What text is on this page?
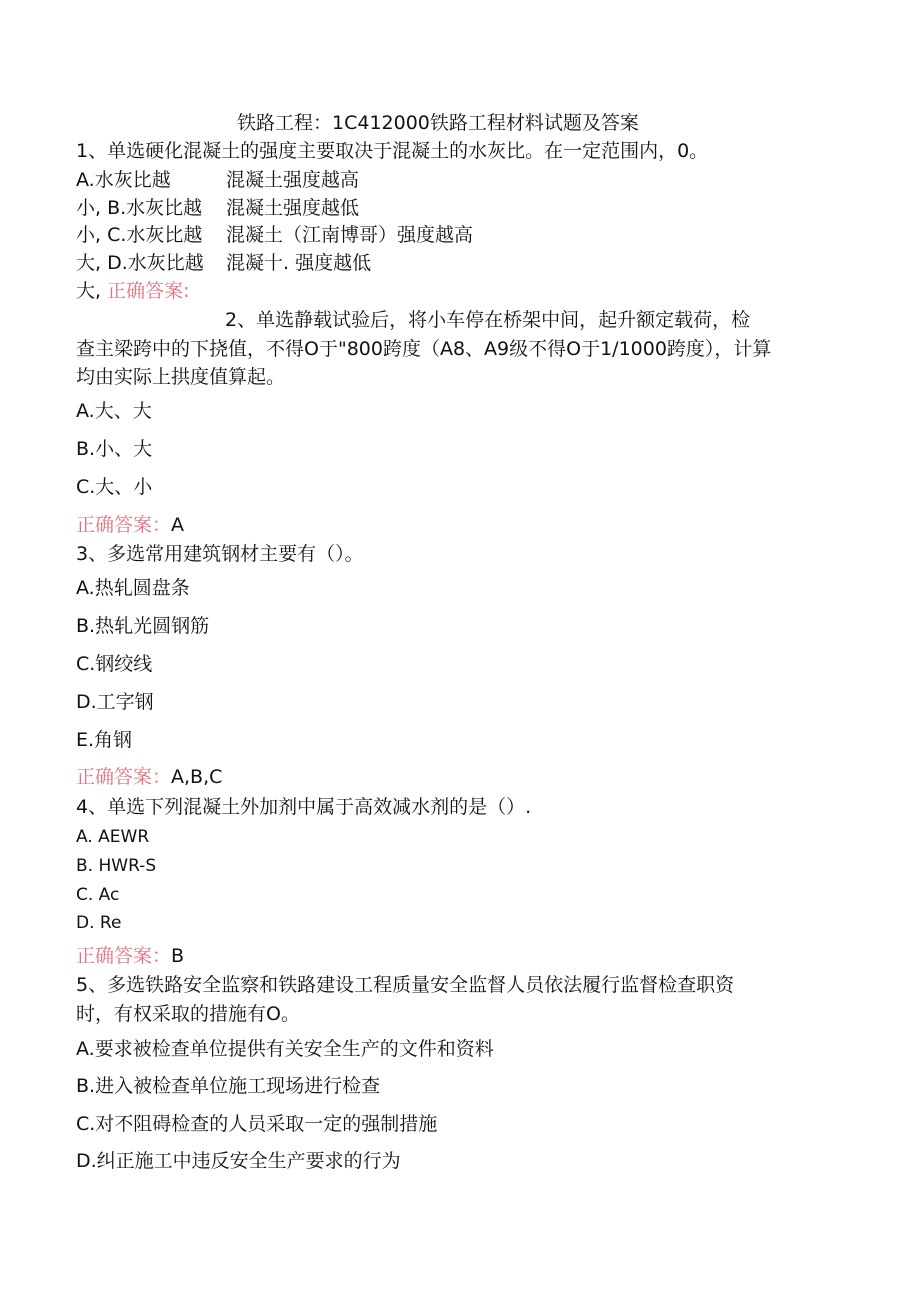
铁路工程：1C412000铁路工程材料试题及答案
1、单选硬化混凝土的强度主要取决于混凝土的水灰比。在一定范围内，0。
A.水灰比越	混凝土强度越高
小, B.水灰比越 混凝土强度越低
小, C.水灰比越 混凝土（江南博哥）强度越高
大, D.水灰比越 混凝十. 强度越低
大, 正确答案:
2、单选静载试验后，将小车停在桥架中间，起升额定载荷，检
查主梁跨中的下挠值，不得O于"800跨度（A8、A9级不得O于1/1000跨度），计算
均由实际上拱度值算起。
A.大、大
B.小、大
C.大、小
正确答案：A
3、多选常用建筑钢材主要有（）。
A.热轧圆盘条
B.热轧光圆钢筋
C.钢绞线
D.工字钢
E.角钢
正确答案：A,B,C
4、单选下列混凝土外加剂中属于高效减水剂的是（）.
A. AEWR
B. HWR-S
C. Ac
D. Re
正确答案：B
5、多选铁路安全监察和铁路建设工程质量安全监督人员依法履行监督检查职资
时，有权采取的措施有O。
A.要求被检查单位提供有关安全生产的文件和资料
B.进入被检查单位施工现场进行检查
C.对不阻碍检查的人员采取一定的强制措施
D.纠正施工中违反安全生产要求的行为
